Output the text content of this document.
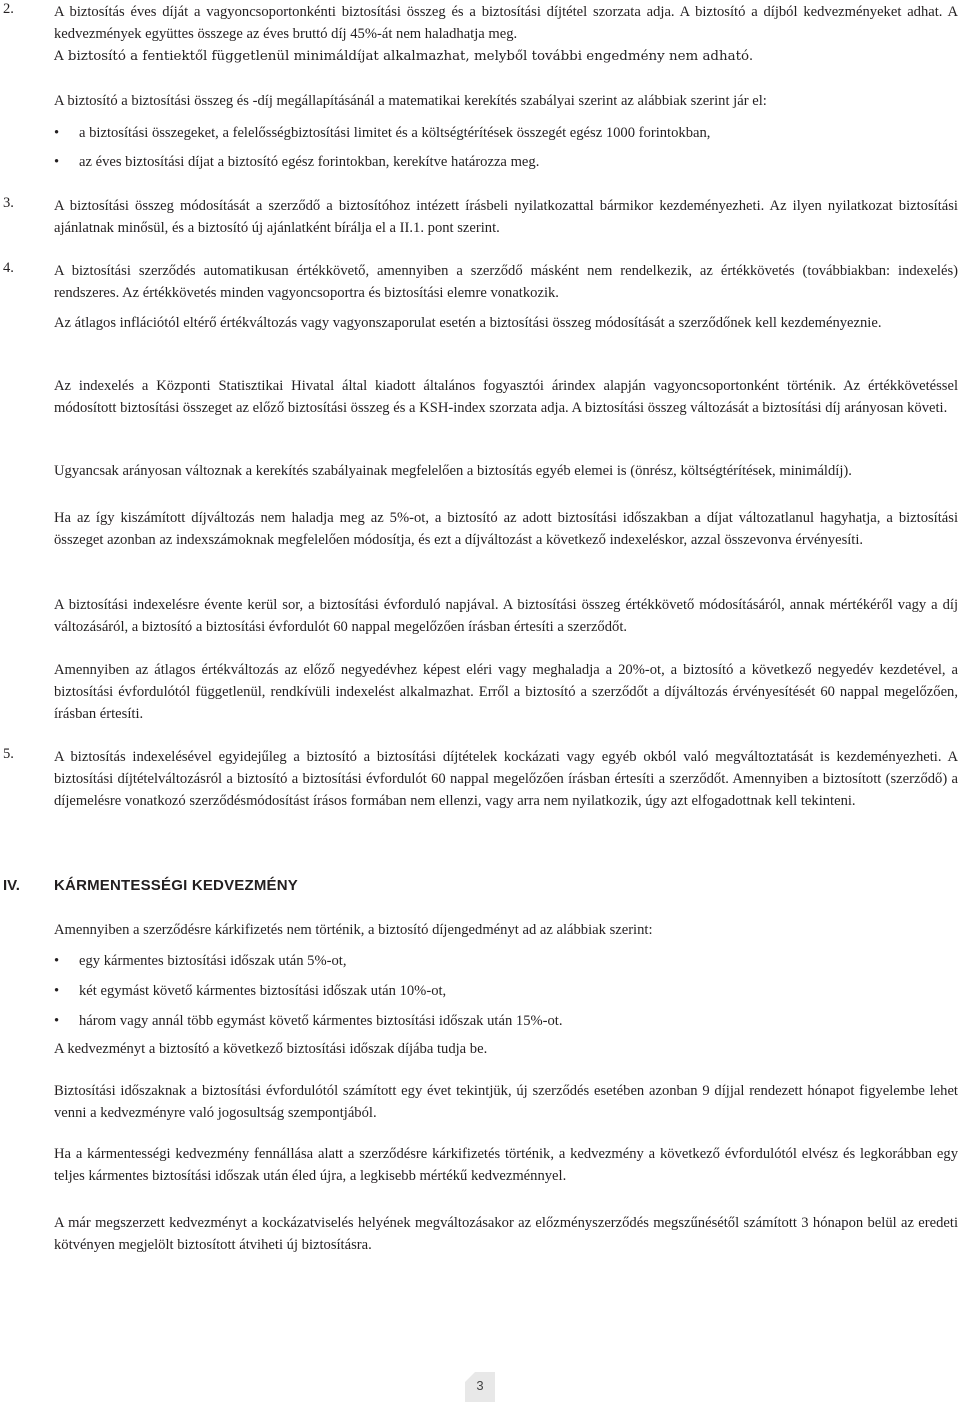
2.	A biztosítás éves díját a vagyoncsoportonkénti biztosítási összeg és a biztosítási díjtétel szorzata adja. A biztosító a díjból kedvezményeket adhat. A kedvezmények együttes összege az éves bruttó díj 45%-át nem haladhatja meg.
A biztosító a fentiektől függetlenül minimáldíjat alkalmazhat, melyből további engedmény nem adható.
A biztosító a biztosítási összeg és -díj megállapításánál a matematikai kerekítés szabályai szerint az alábbiak szerint jár el:
• a biztosítási összegeket, a felelősségbiztosítási limitet és a költségtérítések összegét egész 1000 forintokban,
• az éves biztosítási díjat a biztosító egész forintokban, kerekítve határozza meg.
3.	A biztosítási összeg módosítását a szerződő a biztosítóhoz intézett írásbeli nyilatkozattal bármikor kezdeményezheti. Az ilyen nyilatkozat biztosítási ajánlatnak minősül, és a biztosító új ajánlatként bírálja el a II.1. pont szerint.
4.	A biztosítási szerződés automatikusan értékkövető, amennyiben a szerződő másként nem rendelkezik, az értékkövetés (továbbiakban: indexelés) rendszeres. Az értékkövetés minden vagyoncsoportra és biztosítási elemre vonatkozik.
Az átlagos inflációtól eltérő értékváltozás vagy vagyonszaporulat esetén a biztosítási összeg módosítását a szerződőnek kell kezdeményeznie.
Az indexelés a Központi Statisztikai Hivatal által kiadott általános fogyasztói árindex alapján vagyoncsoportonként történik. Az értékkövetéssel módosított biztosítási összeget az előző biztosítási összeg és a KSH-index szorzata adja. A biztosítási összeg változását a biztosítási díj arányosan követi.
Ugyancsak arányosan változnak a kerekítés szabályainak megfelelően a biztosítás egyéb elemei is (önrész, költségtérítések, minimáldíj).
Ha az így kiszámított díjváltozás nem haladja meg az 5%-ot, a biztosító az adott biztosítási időszakban a díjat változatlanul hagyhatja, a biztosítási összeget azonban az indexszámoknak megfelelően módosítja, és ezt a díjváltozást a következő indexeléskor, azzal összevonva érvényesíti.
A biztosítási indexelésre évente kerül sor, a biztosítási évforduló napjával. A biztosítási összeg értékkövető módosításáról, annak mértékéről vagy a díj változásáról, a biztosító a biztosítási évfordulót 60 nappal megelőzően írásban értesíti a szerződőt.
Amennyiben az átlagos értékváltozás az előző negyedévhez képest eléri vagy meghaladja a 20%-ot, a biztosító a következő negyedév kezdetével, a biztosítási évfordulótól függetlenül, rendkívüli indexelést alkalmazhat. Erről a biztosító a szerződőt a díjváltozás érvényesítését 60 nappal megelőzően, írásban értesíti.
5.	A biztosítás indexelésével egyidejűleg a biztosító a biztosítási díjtételek kockázati vagy egyéb okból való megváltoztatását is kezdeményezheti. A biztosítási díjtételváltozásról a biztosító a biztosítási évfordulót 60 nappal megelőzően írásban értesíti a szerződőt. Amennyiben a biztosított (szerződő) a díjemelésre vonatkozó szerződésmódosítást írásos formában nem ellenzi, vagy arra nem nyilatkozik, úgy azt elfogadottnak kell tekinteni.
IV. KÁRMENTESSÉGI KEDVEZMÉNY
Amennyiben a szerződésre kárkifizetés nem történik, a biztosító díjengedményt ad az alábbiak szerint:
• egy kármentes biztosítási időszak után 5%-ot,
• két egymást követő kármentes biztosítási időszak után 10%-ot,
• három vagy annál több egymást követő kármentes biztosítási időszak után 15%-ot.
A kedvezményt a biztosító a következő biztosítási időszak díjába tudja be.
Biztosítási időszaknak a biztosítási évfordulótól számított egy évet tekintjük, új szerződés esetében azonban 9 díjjal rendezett hónapot figyelembe lehet venni a kedvezményre való jogosultság szempontjából.
Ha a kármentességi kedvezmény fennállása alatt a szerződésre kárkifizetés történik, a kedvezmény a következő évfordulótól elvész és legkorábban egy teljes kármentes biztosítási időszak után éled újra, a legkisebb mértékű kedvezménnyel.
A már megszerzett kedvezményt a kockázatviselés helyének megváltozásakor az előzménysz​erződés megszűnésétől számított 3 hónapon belül az eredeti kötvényen megjelölt biztosított átviheti új biztosításra.
3
